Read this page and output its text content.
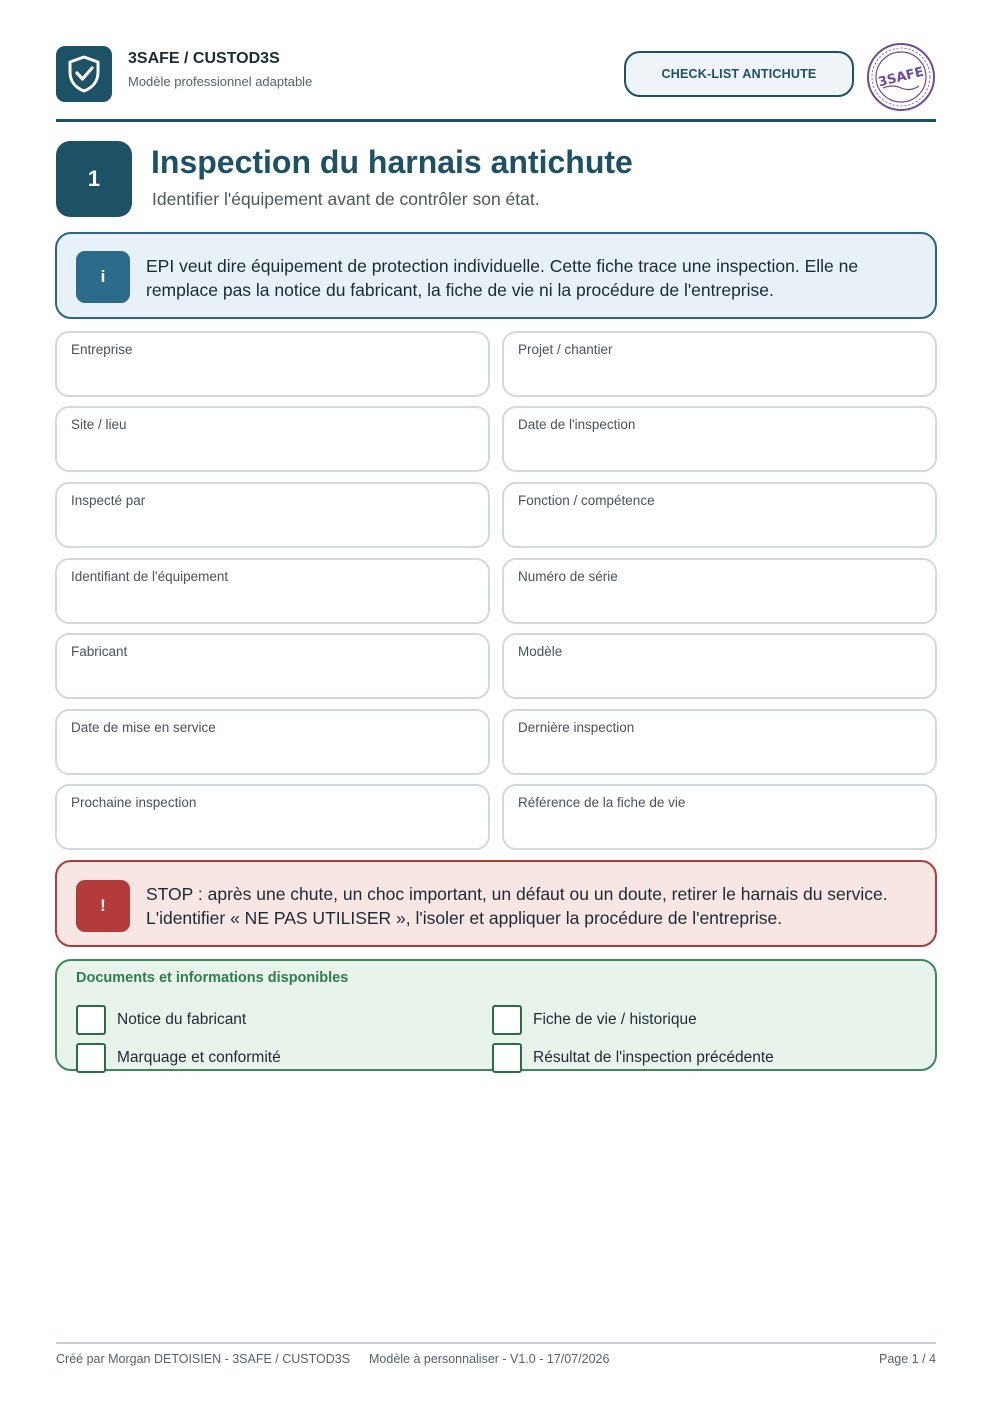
3SAFE / CUSTOD3S
Modèle professionnel adaptable	CHECK-LIST ANTICHUTE	3SAFE
1	Inspection du harnais antichute
Identifier l'équipement avant de contrôler son état.
i
EPI veut dire équipement de protection individuelle. Cette fiche trace une inspection. Elle ne remplace pas la notice du fabricant, la fiche de vie ni la procédure de l'entreprise.
Entreprise	Projet / chantier
Site / lieu	Date de l'inspection
Inspecté par	Fonction / compétence
Identifiant de l'équipement	Numéro de série
Fabricant	Modèle
Date de mise en service	Dernière inspection
Prochaine inspection	Référence de la fiche de vie
!
STOP : après une chute, un choc important, un défaut ou un doute, retirer le harnais du service. L'identifier « NE PAS UTILISER », l'isoler et appliquer la procédure de l'entreprise.
Documents et informations disponibles
Notice du fabricant	Fiche de vie / historique
Marquage et conformité	Résultat de l'inspection précédente
Créé par Morgan DETOISIEN - 3SAFE / CUSTOD3S Modèle à personnaliser - V1.0 - 17/07/2026	Page 1 / 4
